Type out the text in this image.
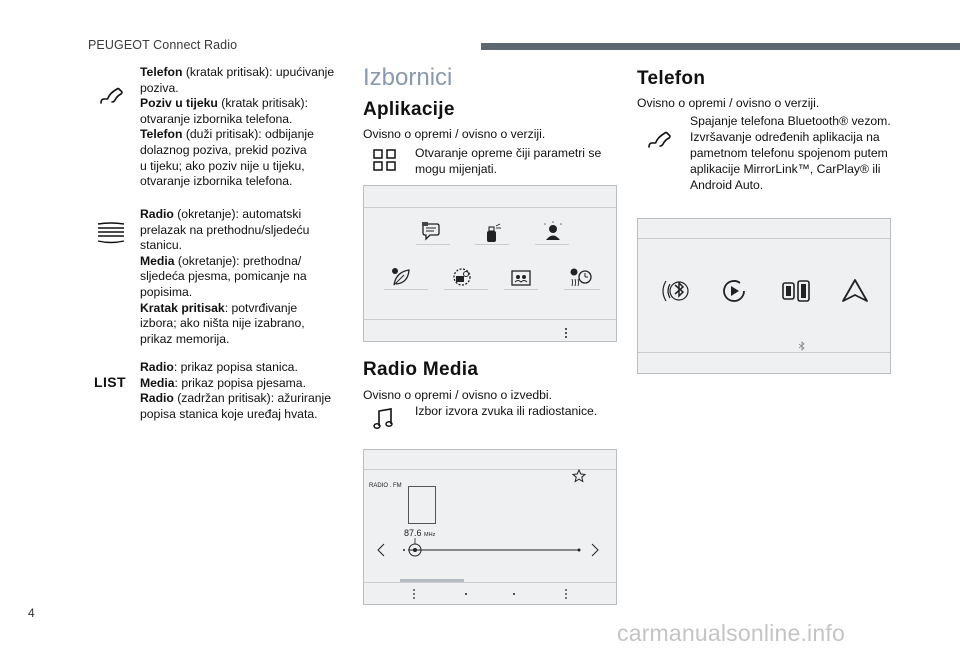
PEUGEOT Connect Radio
Telefon (kratak pritisak): upućivanje
poziva.
Poziv u tijeku (kratak pritisak):
otvaranje izbornika telefona.
Telefon (duži pritisak): odbijanje
dolaznog poziva, prekid poziva
u tijeku; ako poziv nije u tijeku,
otvaranje izbornika telefona.
Radio (okretanje): automatski
prelazak na prethodnu/sljedeću
stanicu.
Media (okretanje): prethodna/
sljedeća pjesma, pomicanje na
popisima.
Kratak pritisak: potvrđivanje
izbora; ako ništa nije izabrano,
prikaz memorija.
LIST
Radio: prikaz popisa stanica.
Media: prikaz popisa pjesama.
Radio (zadržan pritisak): ažuriranje
popisa stanica koje uređaj hvata.
Izbornici
Aplikacije
Ovisno o opremi / ovisno o verziji.
Otvaranje opreme čiji parametri se
mogu mijenjati.
Radio Media
Ovisno o opremi / ovisno o izvedbi.
Izbor izvora zvuka ili radiostanice.
RADIO . FM
87.6 MHz
Telefon
Ovisno o opremi / ovisno o verziji.
Spajanje telefona Bluetooth® vezom.
Izvršavanje određenih aplikacija na
pametnom telefonu spojenom putem
aplikacije MirrorLink™, CarPlay® ili
Android Auto.
4
carmanualsonline.info
